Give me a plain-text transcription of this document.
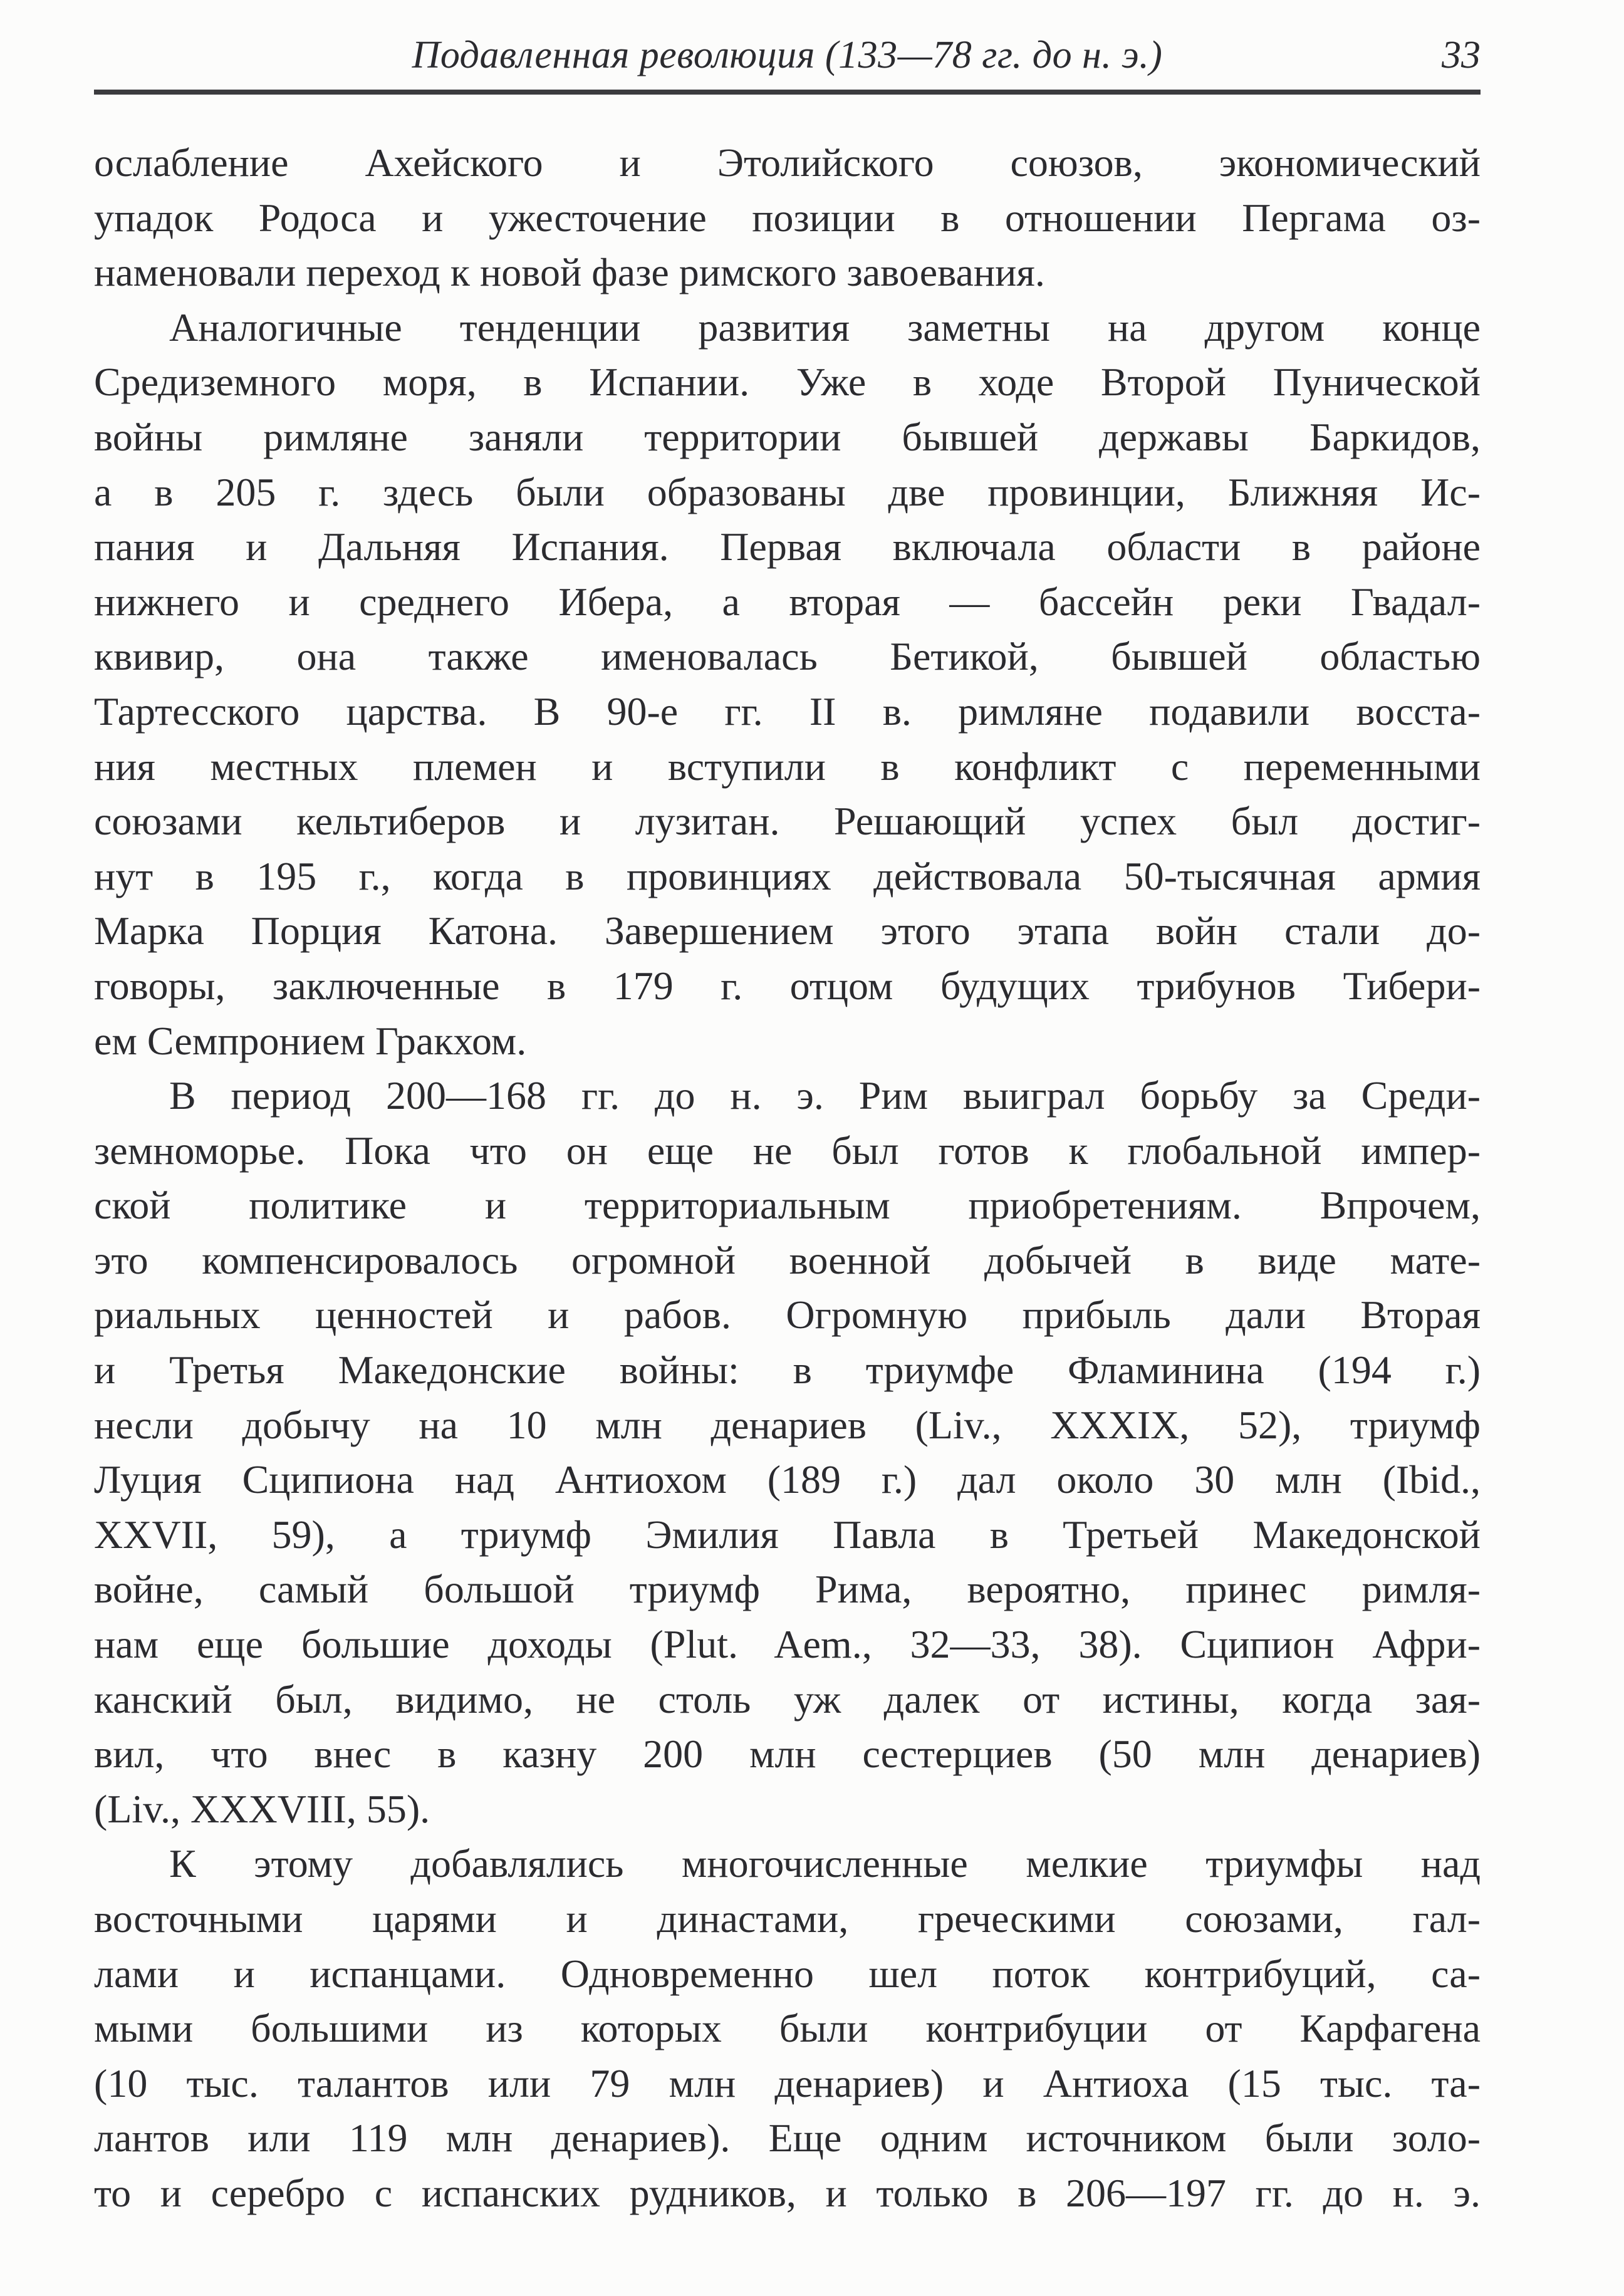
Подавленная революция (133—78 гг. до н. э.)	33
ослабление Ахейского и Этолийского союзов, экономический
упадок Родоса и ужесточение позиции в отношении Пергама оз-
наменовали переход к новой фазе римского завоевания.
Аналогичные тенденции развития заметны на другом конце
Средиземного моря, в Испании. Уже в ходе Второй Пунической
войны римляне заняли территории бывшей державы Баркидов,
а в 205 г. здесь были образованы две провинции, Ближняя Ис-
пания и Дальняя Испания. Первая включала области в районе
нижнего и среднего Ибера, а вторая — бассейн реки Гвадал-
квивир, она также именовалась Бетикой, бывшей областью
Тартесского царства. В 90-е гг. II в. римляне подавили восста-
ния местных племен и вступили в конфликт с переменными
союзами кельтиберов и лузитан. Решающий успех был достиг-
нут в 195 г., когда в провинциях действовала 50-тысячная армия
Марка Порция Катона. Завершением этого этапа войн стали до-
говоры, заключенные в 179 г. отцом будущих трибунов Тибери-
ем Семпронием Гракхом.
В период 200—168 гг. до н. э. Рим выиграл борьбу за Среди-
земноморье. Пока что он еще не был готов к глобальной импер-
ской политике и территориальным приобретениям. Впрочем,
это компенсировалось огромной военной добычей в виде мате-
риальных ценностей и рабов. Огромную прибыль дали Вторая
и Третья Македонские войны: в триумфе Фламинина (194 г.)
несли добычу на 10 млн денариев (Liv., XXXIX, 52), триумф
Луция Сципиона над Антиохом (189 г.) дал около 30 млн (Ibid.,
XXVII, 59), а триумф Эмилия Павла в Третьей Македонской
войне, самый большой триумф Рима, вероятно, принес римля-
нам еще большие доходы (Plut. Aem., 32—33, 38). Сципион Афри-
канский был, видимо, не столь уж далек от истины, когда зая-
вил, что внес в казну 200 млн сестерциев (50 млн денариев)
(Liv., XXXVIII, 55).
К этому добавлялись многочисленные мелкие триумфы над
восточными царями и династами, греческими союзами, гал-
лами и испанцами. Одновременно шел поток контрибуций, са-
мыми большими из которых были контрибуции от Карфагена
(10 тыс. талантов или 79 млн денариев) и Антиоха (15 тыс. та-
лантов или 119 млн денариев). Еще одним источником были золо-
то и серебро с испанских рудников, и только в 206—197 гг. до н. э.
